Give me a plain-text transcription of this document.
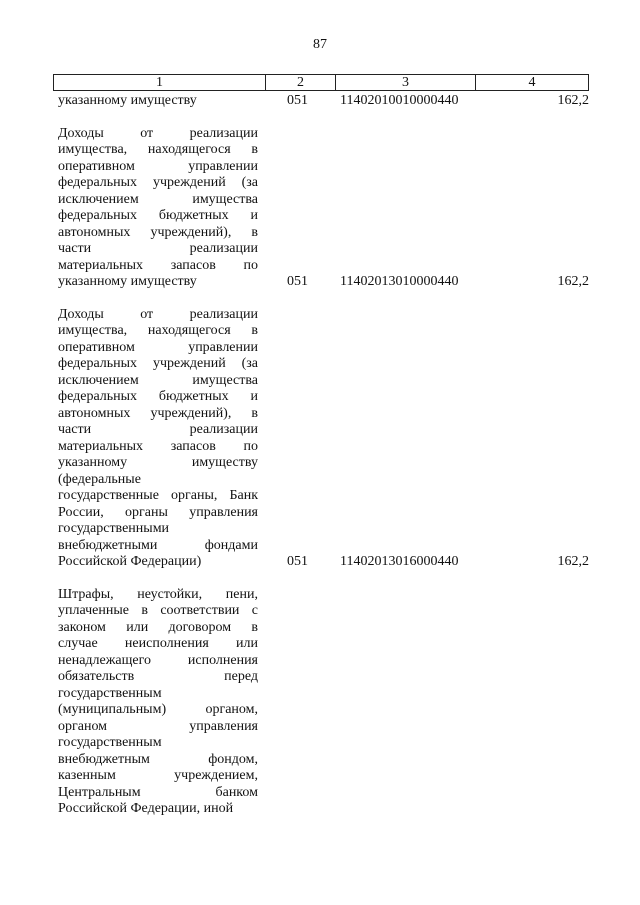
87
1	2	3	4
указанному имуществу	051 11402010010000440	162,2
Доходы от реализации
имущества, находящегося в
оперативном управлении
федеральных учреждений (за
исключением имущества
федеральных бюджетных и
автономных учреждений), в
части реализации
материальных запасов по
указанному имуществу	051 11402013010000440	162,2
Доходы от реализации
имущества, находящегося в
оперативном управлении
федеральных учреждений (за
исключением имущества
федеральных бюджетных и
автономных учреждений), в
части реализации
материальных запасов по
указанному имуществу
(федеральные
государственные органы, Банк
России, органы управления
государственными
внебюджетными фондами
Российской Федерации)	051 11402013016000440	162,2
Штрафы, неустойки, пени,
уплаченные в соответствии с
законом или договором в
случае неисполнения или
ненадлежащего исполнения
обязательств перед
государственным
(муниципальным) органом,
органом управления
государственным
внебюджетным фондом,
казенным учреждением,
Центральным банком
Российской Федерации, иной
